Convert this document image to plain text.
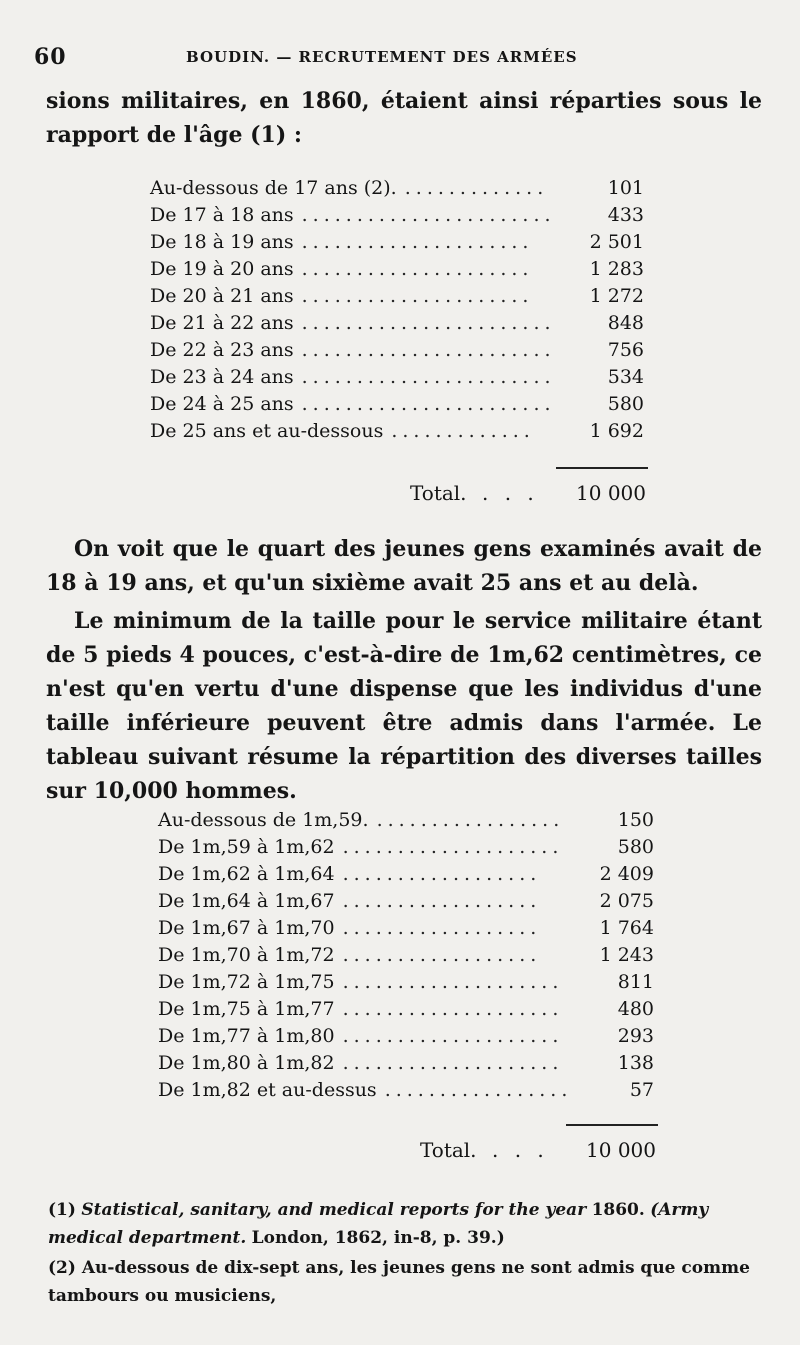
60	BOUDIN. — RECRUTEMENT DES ARMÉES

sions militaires, en 1860, étaient ainsi réparties sous le rapport de l'âge (1) :

Au-dessous de 17 ans (2). .............	101
De 17 à 18 ans .......................	433
De 18 à 19 ans .....................	2 501
De 19 à 20 ans .....................	1 283
De 20 à 21 ans .....................	1 272
De 21 à 22 ans .......................	848
De 22 à 23 ans .......................	756
De 23 à 24 ans .......................	534
De 24 à 25 ans .......................	580
De 25 ans et au-dessous .............	1 692
Total. . . . 10 000

On voit que le quart des jeunes gens examinés avait de 18 à 19 ans, et qu'un sixième avait 25 ans et au delà.

Le minimum de la taille pour le service militaire étant de 5 pieds 4 pouces, c'est-à-dire de 1m,62 centimètres, ce n'est qu'en vertu d'une dispense que les individus d'une taille inférieure peuvent être admis dans l'armée. Le tableau suivant résume la répartition des diverses tailles sur 10,000 hommes.

Au-dessous de 1m,59. .................	150
De 1m,59 à 1m,62 ....................	580
De 1m,62 à 1m,64 ..................	2 409
De 1m,64 à 1m,67 ..................	2 075
De 1m,67 à 1m,70 ..................	1 764
De 1m,70 à 1m,72 ..................	1 243
De 1m,72 à 1m,75 ....................	811
De 1m,75 à 1m,77 ....................	480
De 1m,77 à 1m,80 ....................	293
De 1m,80 à 1m,82 ....................	138
De 1m,82 et au-dessus .................	57
Total. . . . 10 000

(1) Statistical, sanitary, and medical reports for the year 1860. (Army medical department. London, 1862, in-8, p. 39.)

(2) Au-dessous de dix-sept ans, les jeunes gens ne sont admis que comme tambours ou musiciens,
